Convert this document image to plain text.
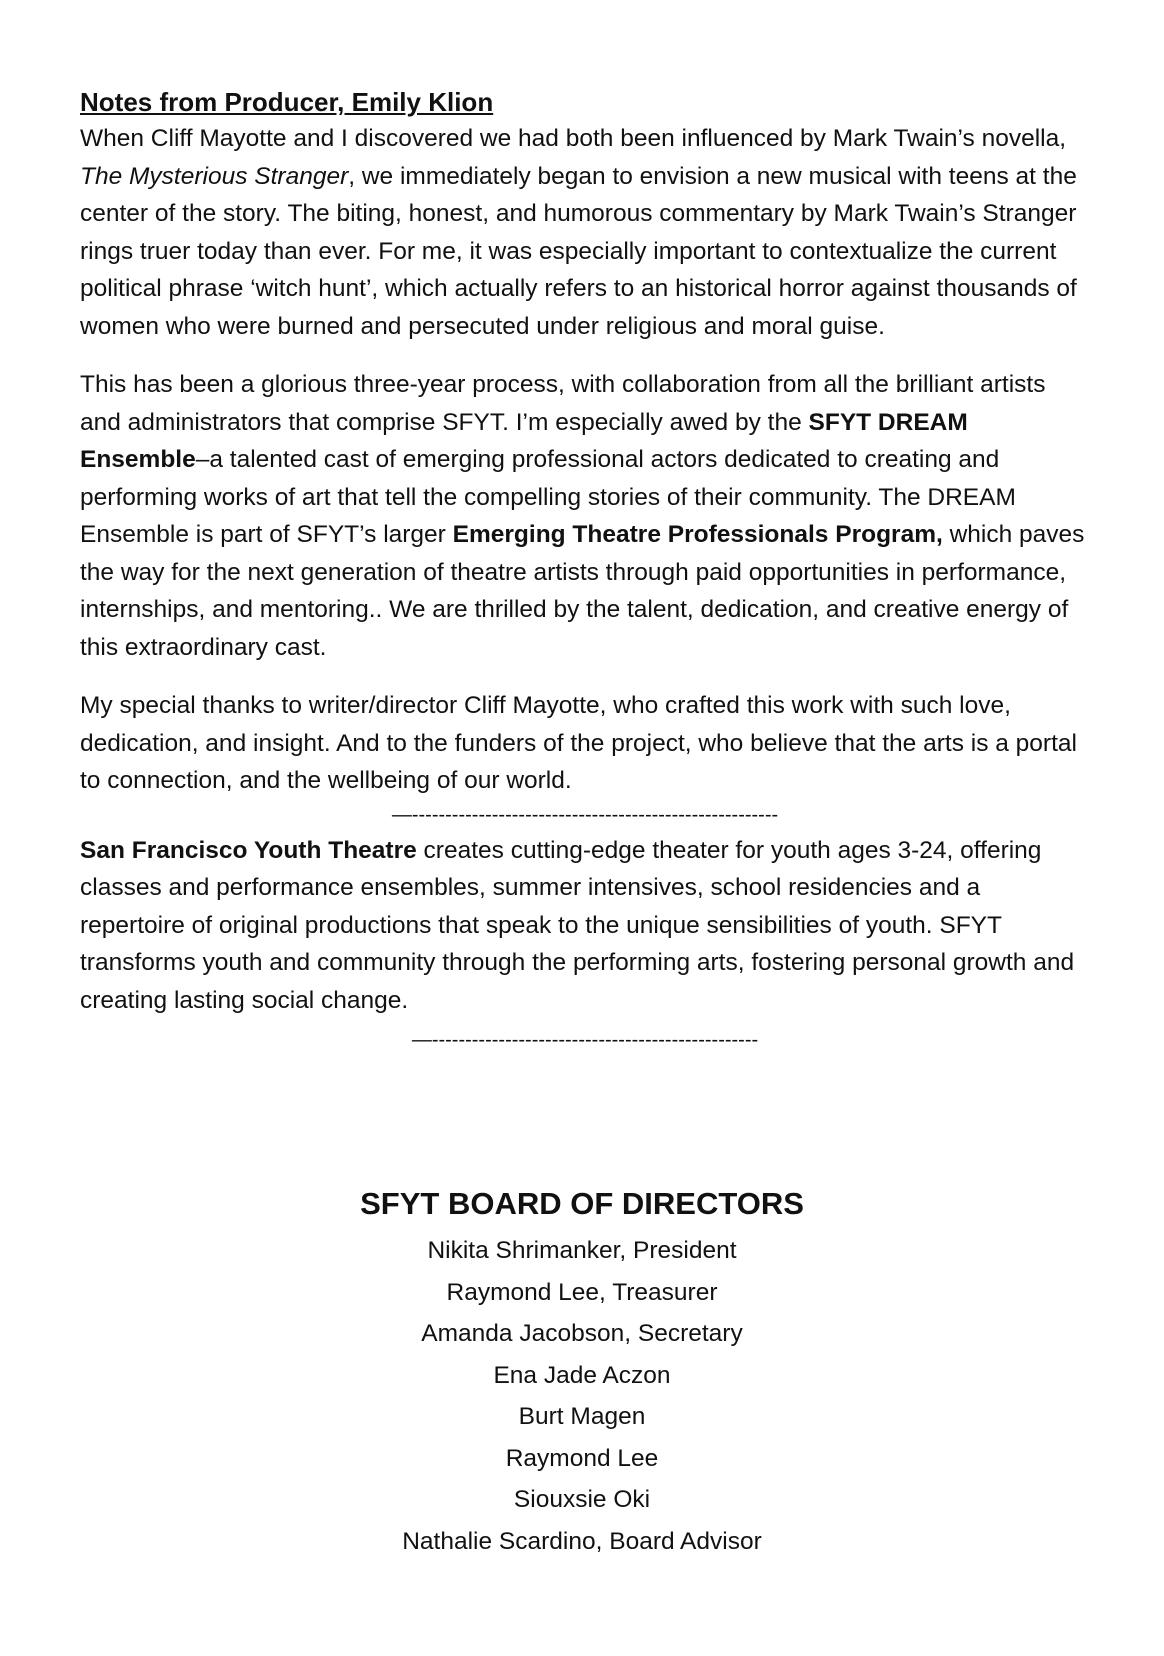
Notes from Producer, Emily Klion

When Cliff Mayotte and I discovered we had both been influenced by Mark Twain’s novella, The Mysterious Stranger, we immediately began to envision a new musical with teens at the center of the story. The biting, honest, and humorous commentary by Mark Twain’s Stranger rings truer today than ever. For me, it was especially important to contextualize the current political phrase ‘witch hunt’, which actually refers to an historical horror against thousands of women who were burned and persecuted under religious and moral guise.

This has been a glorious three-year process, with collaboration from all the brilliant artists and administrators that comprise SFYT. I’m especially awed by the SFYT DREAM Ensemble–a talented cast of emerging professional actors dedicated to creating and performing works of art that tell the compelling stories of their community. The DREAM Ensemble is part of SFYT’s larger Emerging Theatre Professionals Program, which paves the way for the next generation of theatre artists through paid opportunities in performance, internships, and mentoring.. We are thrilled by the talent, dedication, and creative energy of this extraordinary cast.

My special thanks to writer/director Cliff Mayotte, who crafted this work with such love, dedication, and insight. And to the funders of the project, who believe that the arts is a portal to connection, and the wellbeing of our world.

—-------------------------------------------------------

San Francisco Youth Theatre creates cutting-edge theater for youth ages 3-24, offering classes and performance ensembles, summer intensives, school residencies and a repertoire of original productions that speak to the unique sensibilities of youth. SFYT transforms youth and community through the performing arts, fostering personal growth and creating lasting social change.

—-------------------------------------------------
SFYT BOARD OF DIRECTORS
Nikita Shrimanker, President
Raymond Lee, Treasurer
Amanda Jacobson, Secretary
Ena Jade Aczon
Burt Magen
Raymond Lee
Siouxsie Oki
Nathalie Scardino, Board Advisor
